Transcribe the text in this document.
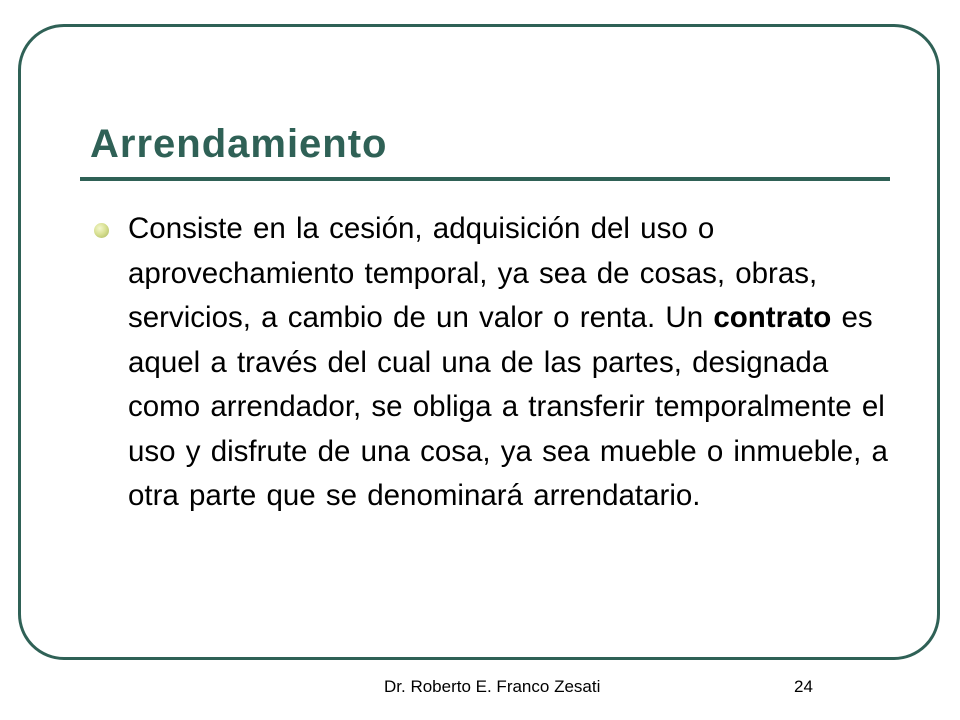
Arrendamiento
Consiste en la cesión, adquisición del uso o aprovechamiento temporal, ya sea de cosas, obras, servicios, a cambio de un valor o renta. Un contrato es aquel a través del cual una de las partes, designada como arrendador, se obliga a transferir temporalmente el uso y disfrute de una cosa, ya sea mueble o inmueble, a otra parte que se denominará arrendatario.
Dr. Roberto E. Franco Zesati	24
